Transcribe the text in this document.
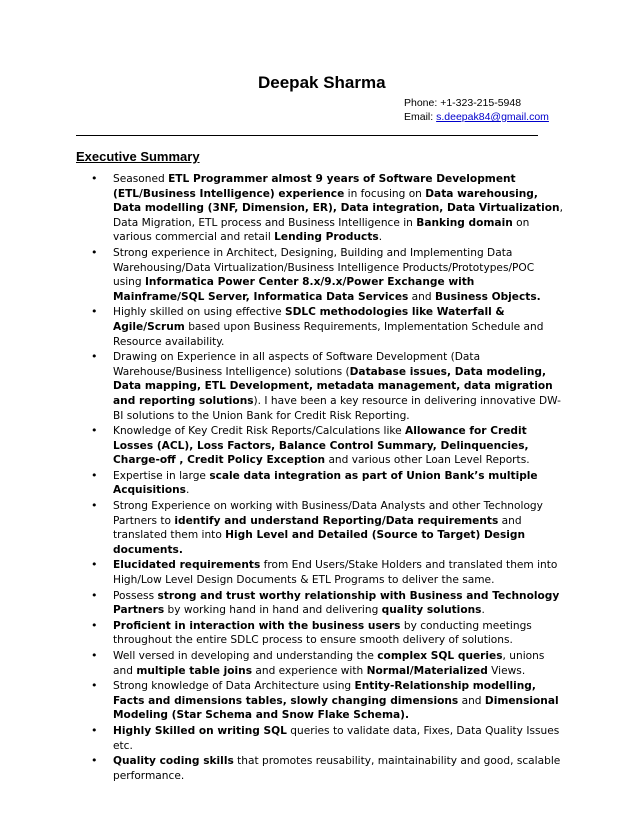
Deepak Sharma
Phone: +1-323-215-5948
Email: s.deepak84@gmail.com
Executive Summary
• Seasoned ETL Programmer almost 9 years of Software Development (ETL/Business Intelligence) experience in focusing on Data warehousing, Data modelling (3NF, Dimension, ER), Data integration, Data Virtualization, Data Migration, ETL process and Business Intelligence in Banking domain on various commercial and retail Lending Products.
• Strong experience in Architect, Designing, Building and Implementing Data Warehousing/Data Virtualization/Business Intelligence Products/Prototypes/POC using Informatica Power Center 8.x/9.x/Power Exchange with Mainframe/SQL Server, Informatica Data Services and Business Objects.
• Highly skilled on using effective SDLC methodologies like Waterfall & Agile/Scrum based upon Business Requirements, Implementation Schedule and Resource availability.
• Drawing on Experience in all aspects of Software Development (Data Warehouse/Business Intelligence) solutions (Database issues, Data modeling, Data mapping, ETL Development, metadata management, data migration and reporting solutions). I have been a key resource in delivering innovative DW-BI solutions to the Union Bank for Credit Risk Reporting.
• Knowledge of Key Credit Risk Reports/Calculations like Allowance for Credit Losses (ACL), Loss Factors, Balance Control Summary, Delinquencies, Charge-off , Credit Policy Exception and various other Loan Level Reports.
• Expertise in large scale data integration as part of Union Bank’s multiple Acquisitions.
• Strong Experience on working with Business/Data Analysts and other Technology Partners to identify and understand Reporting/Data requirements and translated them into High Level and Detailed (Source to Target) Design documents.
• Elucidated requirements from End Users/Stake Holders and translated them into High/Low Level Design Documents & ETL Programs to deliver the same.
• Possess strong and trust worthy relationship with Business and Technology Partners by working hand in hand and delivering quality solutions.
• Proficient in interaction with the business users by conducting meetings throughout the entire SDLC process to ensure smooth delivery of solutions.
• Well versed in developing and understanding the complex SQL queries, unions and multiple table joins and experience with Normal/Materialized Views.
• Strong knowledge of Data Architecture using Entity-Relationship modelling, Facts and dimensions tables, slowly changing dimensions and Dimensional Modeling (Star Schema and Snow Flake Schema).
• Highly Skilled on writing SQL queries to validate data, Fixes, Data Quality Issues etc.
• Quality coding skills that promotes reusability, maintainability and good, scalable performance.
